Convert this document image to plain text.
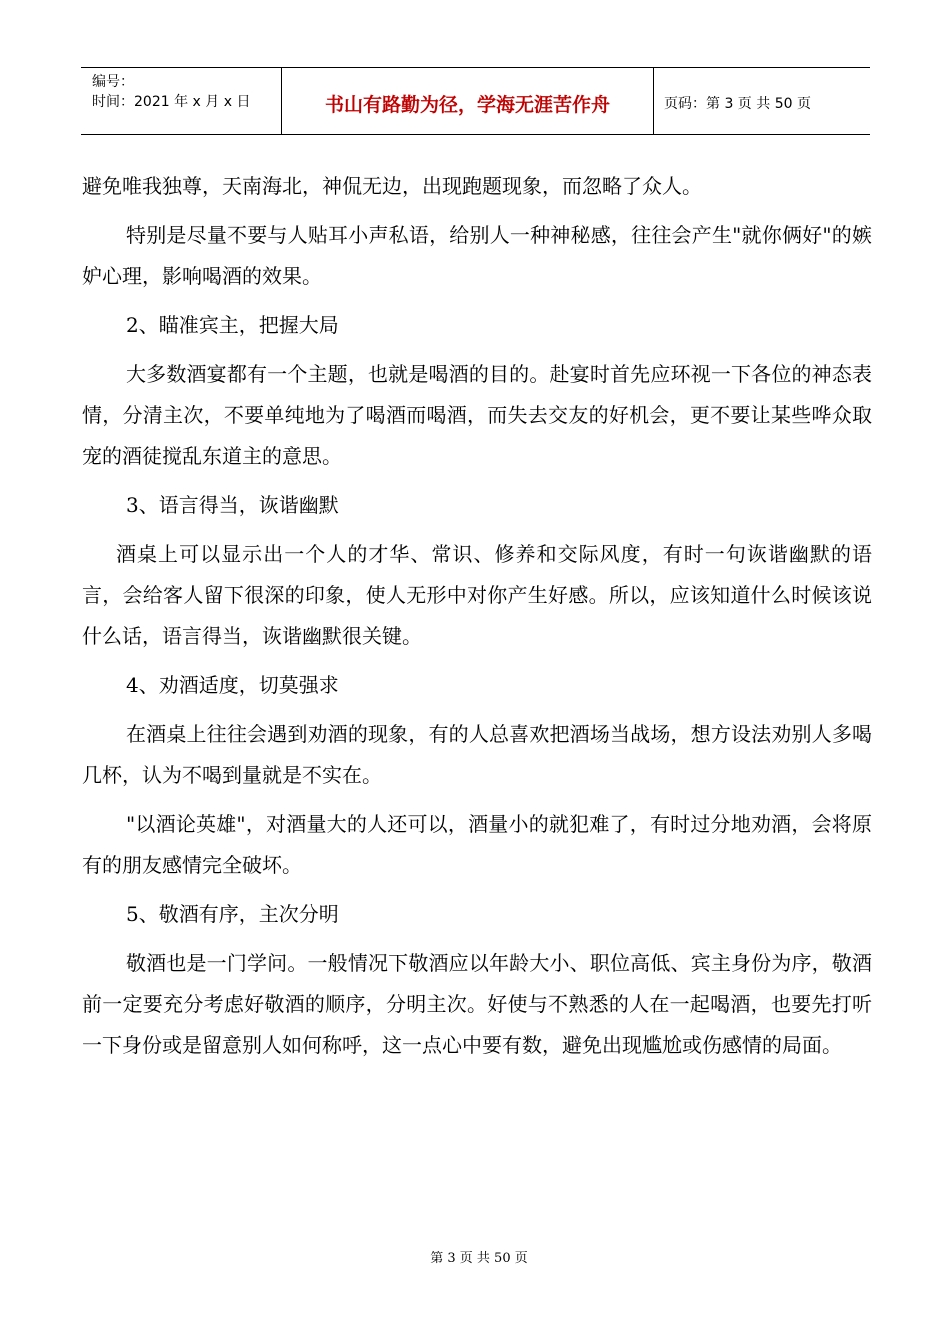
编号：
时间：2021 年 x 月 x 日	书山有路勤为径，学海无涯苦作舟	页码：第 3 页 共 50 页

避免唯我独尊，天南海北，神侃无边，出现跑题现象，而忽略了众人。

特别是尽量不要与人贴耳小声私语，给别人一种神秘感，往往会产生"就你俩好"的嫉妒心理，影响喝酒的效果。

2、瞄准宾主，把握大局

大多数酒宴都有一个主题，也就是喝酒的目的。赴宴时首先应环视一下各位的神态表情，分清主次，不要单纯地为了喝酒而喝酒，而失去交友的好机会，更不要让某些哗众取宠的酒徒搅乱东道主的意思。

3、语言得当，诙谐幽默

酒桌上可以显示出一个人的才华、常识、修养和交际风度，有时一句诙谐幽默的语言，会给客人留下很深的印象，使人无形中对你产生好感。所以，应该知道什么时候该说什么话，语言得当，诙谐幽默很关键。

4、劝酒适度，切莫强求

在酒桌上往往会遇到劝酒的现象，有的人总喜欢把酒场当战场，想方设法劝别人多喝几杯，认为不喝到量就是不实在。

"以酒论英雄"，对酒量大的人还可以，酒量小的就犯难了，有时过分地劝酒，会将原有的朋友感情完全破坏。

5、敬酒有序，主次分明

敬酒也是一门学问。一般情况下敬酒应以年龄大小、职位高低、宾主身份为序，敬酒前一定要充分考虑好敬酒的顺序，分明主次。好使与不熟悉的人在一起喝酒，也要先打听一下身份或是留意别人如何称呼，这一点心中要有数，避免出现尴尬或伤感情的局面。

第 3 页 共 50 页
